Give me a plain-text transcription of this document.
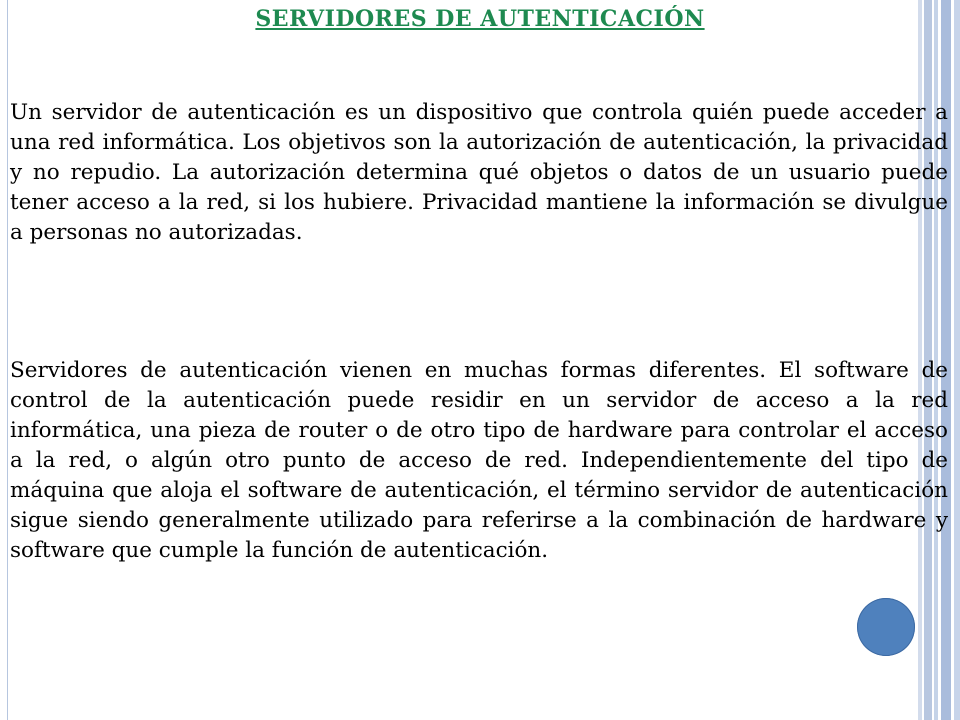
SERVIDORES DE AUTENTICACIÓN

Un servidor de autenticación es un dispositivo que controla quién puede acceder a una red informática. Los objetivos son la autorización de autenticación, la privacidad y no repudio. La autorización determina qué objetos o datos de un usuario puede tener acceso a la red, si los hubiere. Privacidad mantiene la información se divulgue a personas no autorizadas.

Servidores de autenticación vienen en muchas formas diferentes. El software de control de la autenticación puede residir en un servidor de acceso a la red informática, una pieza de router o de otro tipo de hardware para controlar el acceso a la red, o algún otro punto de acceso de red. Independientemente del tipo de máquina que aloja el software de autenticación, el término servidor de autenticación sigue siendo generalmente utilizado para referirse a la combinación de hardware y software que cumple la función de autenticación.
